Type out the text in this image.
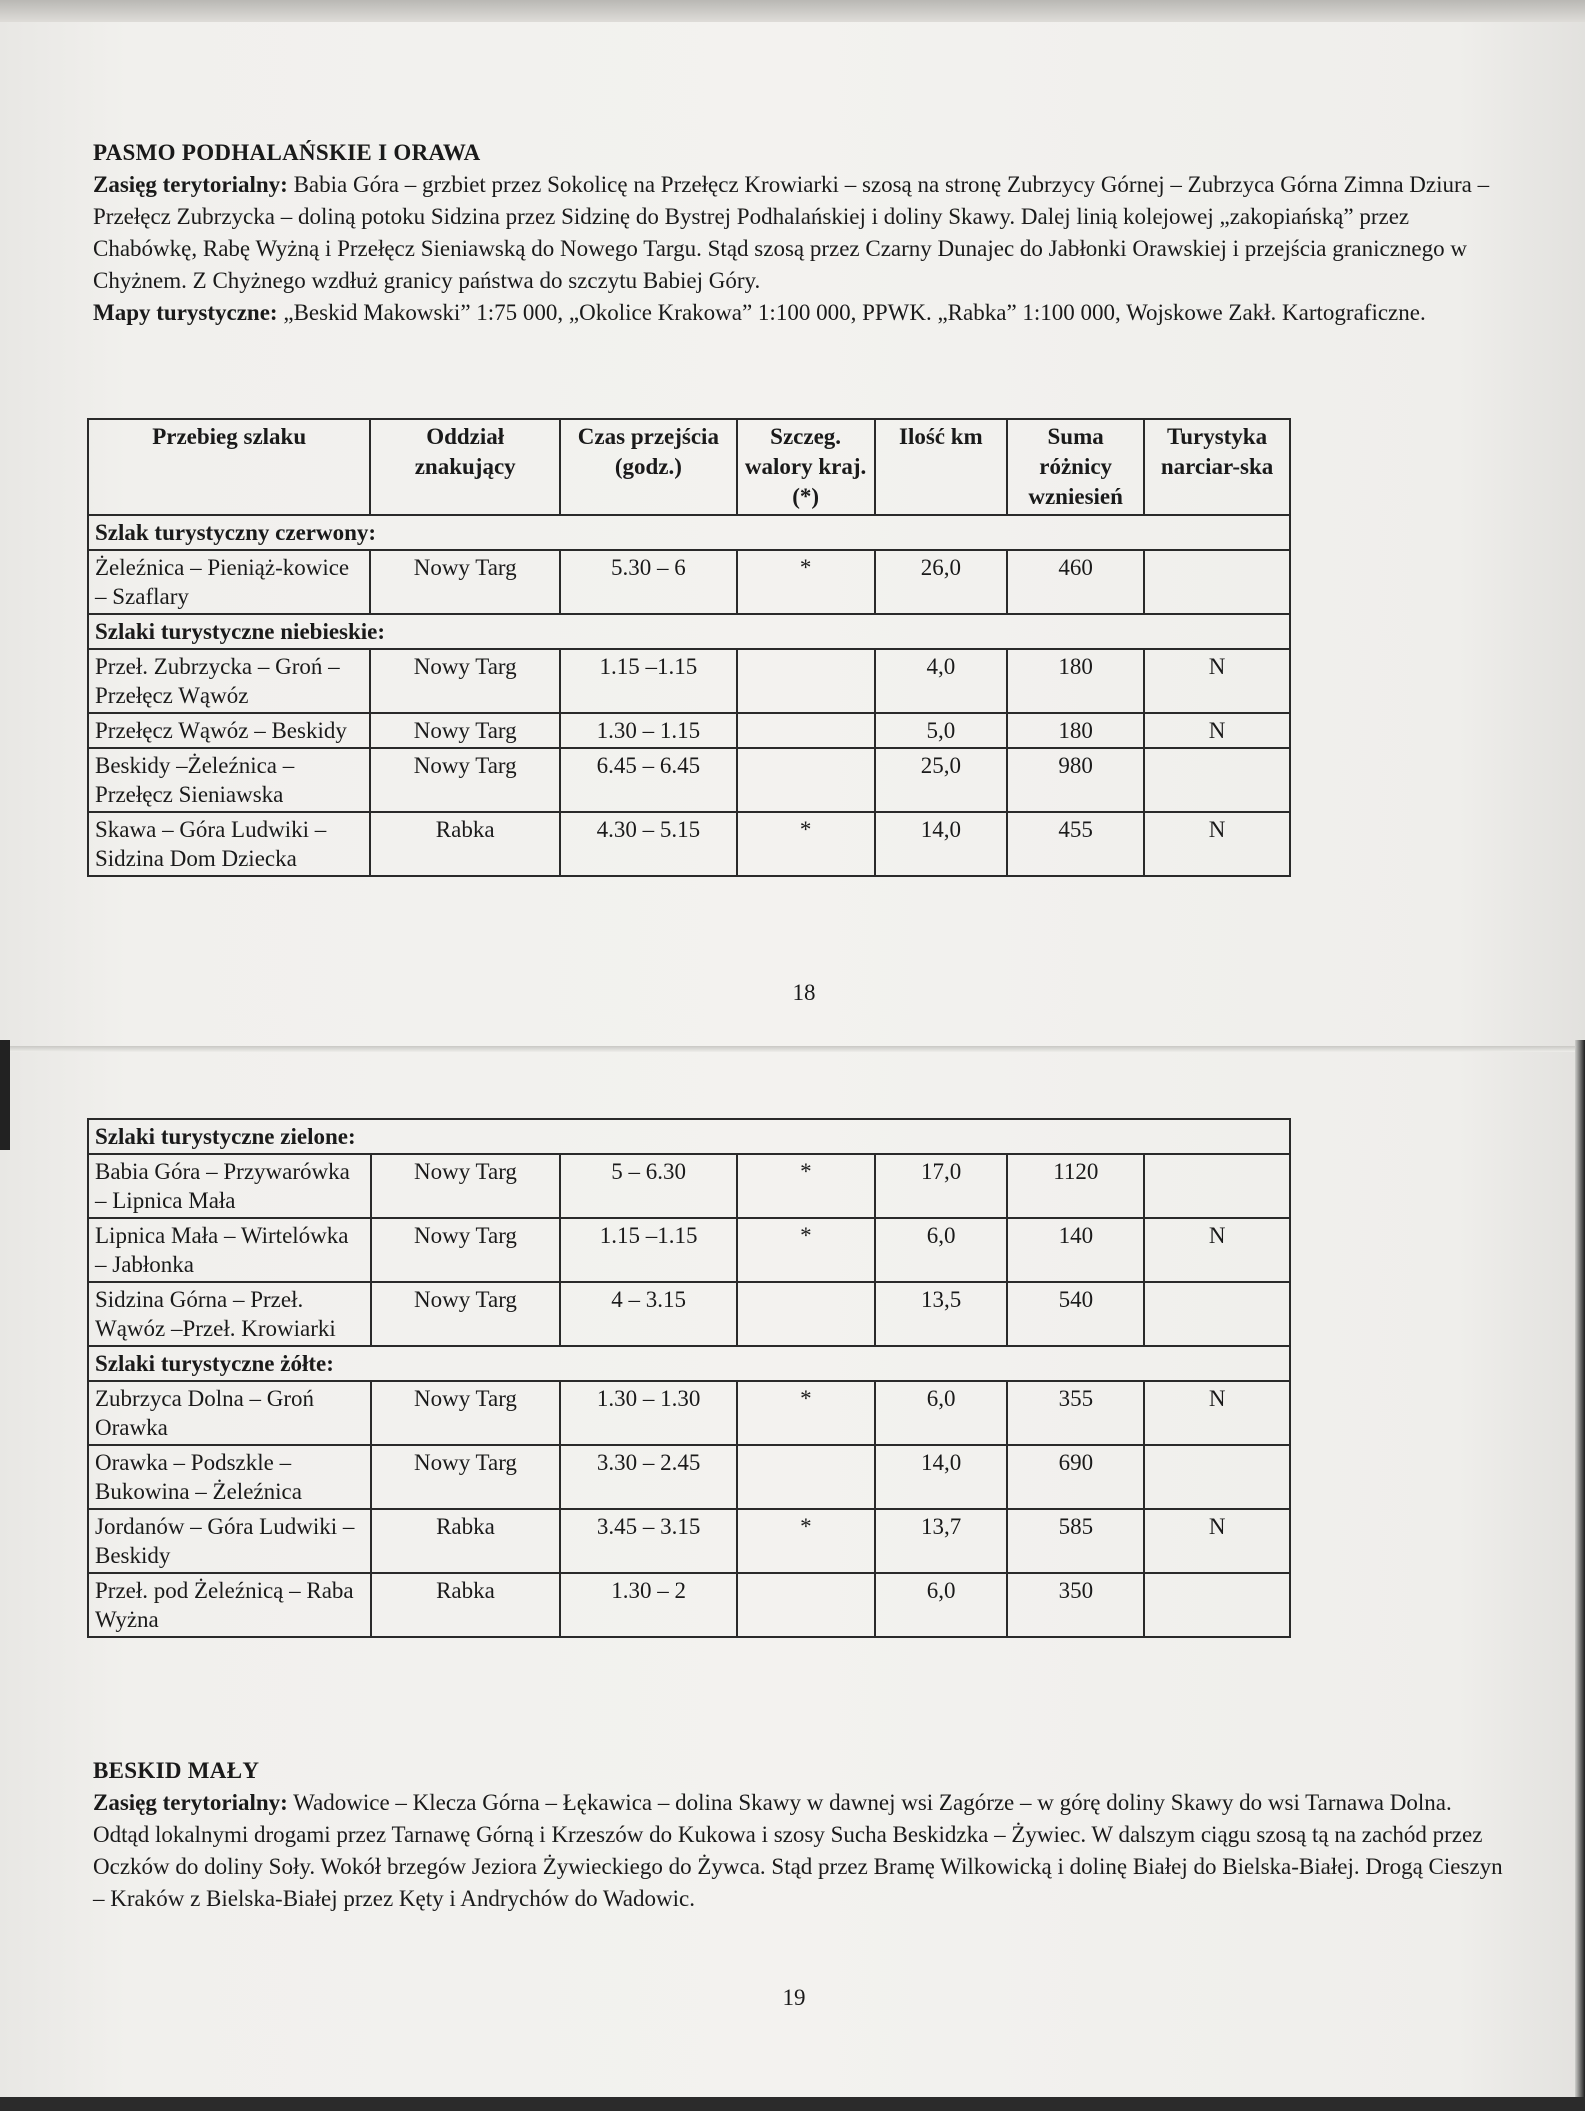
PASMO PODHALAŃSKIE I ORAWA

Zasięg terytorialny: Babia Góra – grzbiet przez Sokolicę na Przełęcz Krowiarki – szosą na stronę Zubrzycy Górnej – Zubrzyca Górna Zimna Dziura – Przełęcz Zubrzycka – doliną potoku Sidzina przez Sidzinę do Bystrej Podhalańskiej i doliny Skawy. Dalej linią kolejowej „zakopiańską” przez Chabówkę, Rabę Wyżną i Przełęcz Sieniawską do Nowego Targu. Stąd szosą przez Czarny Dunajec do Jabłonki Orawskiej i przejścia granicznego w Chyżnem. Z Chyżnego wzdłuż granicy państwa do szczytu Babiej Góry.

Mapy turystyczne: „Beskid Makowski” 1:75 000, „Okolice Krakowa” 1:100 000, PPWK. „Rabka” 1:100 000, Wojskowe Zakł. Kartograficzne.

Przebieg szlaku	Oddział znakujący	Czas przejścia (godz.)	Szczeg. walory kraj. (*)	Ilość km	Suma różnicy wzniesień	Turystyka narciar-ska
Szlak turystyczny czerwony:						
Żeleźnica – Pieniąż-kowice – Szaflary	Nowy Targ	5.30 – 6	*	26,0	460	
Szlaki turystyczne niebieskie:						
Przeł. Zubrzycka – Groń – Przełęcz Wąwóz	Nowy Targ	1.15 –1.15		4,0	180	N
Przełęcz Wąwóz – Beskidy	Nowy Targ	1.30 – 1.15		5,0	180	N
Beskidy –Żeleźnica – Przełęcz Sieniawska	Nowy Targ	6.45 – 6.45		25,0	980	
Skawa – Góra Ludwiki – Sidzina Dom Dziecka	Rabka	4.30 – 5.15	*	14,0	455	N
18
Szlaki turystyczne zielone:						
Babia Góra – Przywarówka – Lipnica Mała	Nowy Targ	5 – 6.30	*	17,0	1120	
Lipnica Mała – Wirtelówka – Jabłonka	Nowy Targ	1.15 –1.15	*	6,0	140	N
Sidzina Górna – Przeł. Wąwóz –Przeł. Krowiarki	Nowy Targ	4 – 3.15		13,5	540	
Szlaki turystyczne żółte:						
Zubrzyca Dolna – Groń Orawka	Nowy Targ	1.30 – 1.30	*	6,0	355	N
Orawka – Podszkle – Bukowina – Żeleźnica	Nowy Targ	3.30 – 2.45		14,0	690	
Jordanów – Góra Ludwiki – Beskidy	Rabka	3.45 – 3.15	*	13,7	585	N
Przeł. pod Żeleźnicą – Raba Wyżna	Rabka	1.30 – 2		6,0	350	

BESKID MAŁY

Zasięg terytorialny: Wadowice – Klecza Górna – Łękawica – dolina Skawy w dawnej wsi Zagórze – w górę doliny Skawy do wsi Tarnawa Dolna. Odtąd lokalnymi drogami przez Tarnawę Górną i Krzeszów do Kukowa i szosy Sucha Beskidzka – Żywiec. W dalszym ciągu szosą tą na zachód przez Oczków do doliny Soły. Wokół brzegów Jeziora Żywieckiego do Żywca. Stąd przez Bramę Wilkowicką i dolinę Białej do Bielska-Białej. Drogą Cieszyn – Kraków z Bielska-Białej przez Kęty i Andrychów do Wadowic.

19
